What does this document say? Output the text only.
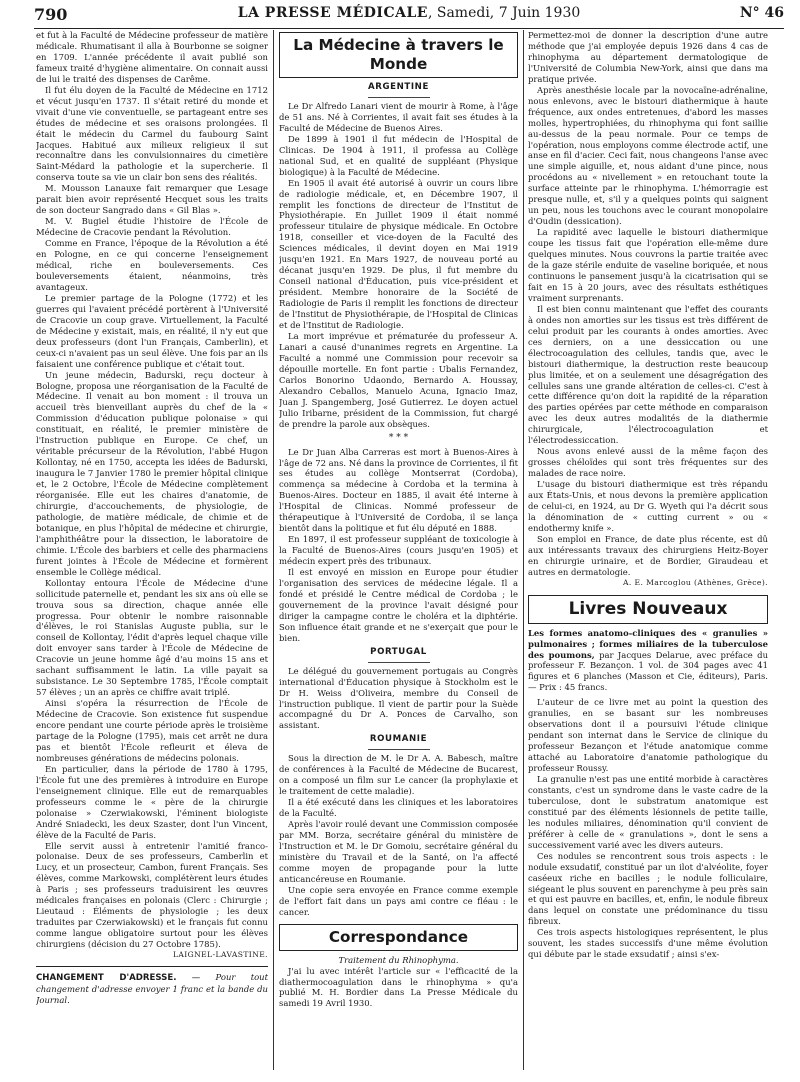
790	LA PRESSE MÉDICALE, Samedi, 7 Juin 1930	N° 46

et fut à la Faculté de Médecine professeur de matière médicale. Rhumatisant il alla à Bourbonne se soigner en 1709. L'année précédente il avait publié son fameux traité d'hygiène alimentaire. On connait aussi de lui le traité des dispenses de Carême.

Il fut élu doyen de la Faculté de Médecine en 1712 et vécut jusqu'en 1737. Il s'était retiré du monde et vivait d'une vie conventuelle, se partageant entre ses études de médecine et ses oraisons prolongées. Il était le médecin du Carmel du faubourg Saint Jacques. Habitué aux milieux religieux il sut reconnaître dans les convulsionnaires du cimetière Saint-Médard la pathologie et la supercherie. Il conserva toute sa vie un clair bon sens des réalités.

M. Mousson Lanauxe fait remarquer que Lesage parait bien avoir représenté Hecquet sous les traits de son docteur Sangrado dans « Gil Blas ».

M. V. Bugiel étudie l'histoire de l'École de Médecine de Cracovie pendant la Révolution.

Comme en France, l'époque de la Révolution a été en Pologne, en ce qui concerne l'enseignement médical, riche en bouleversements. Ces bouleversements étaient, néanmoins, très avantageux.

Le premier partage de la Pologne (1772) et les guerres qui l'avaient précédé portèrent à l'Université de Cracovie un coup grave. Virtuellement, la Faculté de Médecine y existait, mais, en réalité, il n'y eut que deux professeurs (dont l'un Français, Camberlin), et ceux-ci n'avaient pas un seul élève. Une fois par an ils faisaient une conférence publique et c'était tout.

Un jeune médecin, Badurski, reçu docteur à Bologne, proposa une réorganisation de la Faculté de Médecine. Il venait au bon moment : il trouva un accueil très bienveillant auprès du chef de la « Commission d'éducation publique polonaise » qui constituait, en réalité, le premier ministère de l'Instruction publique en Europe. Ce chef, un véritable précurseur de la Révolution, l'abbé Hugon Kollontay, né en 1750, accepta les idées de Badurski, inaugura le 7 Janvier 1780 le premier hôpital clinique et, le 2 Octobre, l'École de Médecine complètement réorganisée. Elle eut les chaires d'anatomie, de chirurgie, d'accouchements, de physiologie, de pathologie, de matière médicale, de chimie et de botanique, en plus l'hôpital de médecine et chirurgie, l'amphithéâtre pour la dissection, le laboratoire de chimie. L'École des barbiers et celle des pharmaciens furent jointes à l'École de Médecine et formèrent ensemble le Collège médical.

Kollontay entoura l'École de Médecine d'une sollicitude paternelle et, pendant les six ans où elle se trouva sous sa direction, chaque année elle progressa. Pour obtenir le nombre raisonnable d'élèves, le roi Stanislas Auguste publia, sur le conseil de Kollontay, l'édit d'après lequel chaque ville doit envoyer sans tarder à l'École de Médecine de Cracovie un jeune homme âgé d'au moins 15 ans et sachant suffisamment le latin. La ville payait sa subsistance. Le 30 Septembre 1785, l'École comptait 57 élèves ; un an après ce chiffre avait triplé.

Ainsi s'opéra la résurrection de l'École de Médecine de Cracovie. Son existence fut suspendue encore pendant une courte période après le troisième partage de la Pologne (1795), mais cet arrêt ne dura pas et bientôt l'École refleurit et éleva de nombreuses générations de médecins polonais.

En particulier, dans la période de 1780 à 1795, l'École fut une des premières à introduire en Europe l'enseignement clinique. Elle eut de remarquables professeurs comme le « père de la chirurgie polonaise » Czerwiakowski, l'éminent biologiste André Sniadecki, les deux Szaster, dont l'un Vincent, élève de la Faculté de Paris.

Elle servit aussi à entretenir l'amitié franco-polonaise. Deux de ses professeurs, Camberlin et Lucy, et un prosecteur, Cambon, furent Français. Ses élèves, comme Markowski, complétèrent leurs études à Paris ; ses professeurs traduisirent les œuvres médicales françaises en polonais (Clerc : Chirurgie ; Lieutaud : Éléments de physiologie ; les deux traduites par Czerwiakowski) et le français fut connu comme langue obligatoire surtout pour les élèves chirurgiens (décision du 27 Octobre 1785).

LAIGNEL-LAVASTINE.

CHANGEMENT D'ADRESSE. — Pour tout changement d'adresse envoyer 1 franc et la bande du Journal.

La Médecine à travers le Monde
ARGENTINE

Le Dr Alfredo Lanari vient de mourir à Rome, à l'âge de 51 ans. Né à Corrientes, il avait fait ses études à la Faculté de Médecine de Buenos Aires.

De 1899 à 1901 il fut médecin de l'Hospital de Clinicas. De 1904 à 1911, il professa au Collège national Sud, et en qualité de suppléant (Physique biologique) à la Faculté de Médecine.

En 1905 il avait été autorisé à ouvrir un cours libre de radiologie médicale, et, en Décembre 1907, il remplit les fonctions de directeur de l'Institut de Physiothérapie. En Juillet 1909 il était nommé professeur titulaire de physique médicale. En Octobre 1918, conseiller et vice-doyen de la Faculté des Sciences médicales, il devint doyen en Mai 1919 jusqu'en 1921. En Mars 1927, de nouveau porté au décanat jusqu'en 1929. De plus, il fut membre du Conseil national d'Éducation, puis vice-président et président. Membre honoraire de la Société de Radiologie de Paris il remplit les fonctions de directeur de l'Institut de Physiothérapie, de l'Hospital de Clinicas et de l'Institut de Radiologie.

La mort imprévue et prématurée du professeur A. Lanari a causé d'unanimes regrets en Argentine. La Faculté a nommé une Commission pour recevoir sa dépouille mortelle. En font partie : Ubalis Fernandez, Carlos Bonorino Udaondo, Bernardo A. Houssay, Alexandro Ceballos, Manuelo Acuna, Ignacio Imaz, Juan J. Spangemberg, José Gutierrez. Le doyen actuel Julio Iribarne, président de la Commission, fut chargé de prendre la parole aux obsèques.

* * *

Le Dr Juan Alba Carreras est mort à Buenos-Aires à l'âge de 72 ans. Né dans la province de Corrientes, il fit ses études au collège Montserrat (Cordoba), commença sa médecine à Cordoba et la termina à Buenos-Aires. Docteur en 1885, il avait été interne à l'Hospital de Clinicas. Nommé professeur de thérapeutique à l'Université de Cordoba, il se lança bientôt dans la politique et fut élu député en 1888.

En 1897, il est professeur suppléant de toxicologie à la Faculté de Buenos-Aires (cours jusqu'en 1905) et médecin expert près des tribunaux.

Il est envoyé en mission en Europe pour étudier l'organisation des services de médecine légale. Il a fondé et présidé le Centre médical de Cordoba ; le gouvernement de la province l'avait désigné pour diriger la campagne contre le choléra et la diphtérie. Son influence était grande et ne s'exerçait que pour le bien.

PORTUGAL

Le délégué du gouvernement portugais au Congrès international d'Éducation physique à Stockholm est le Dr H. Weiss d'Oliveira, membre du Conseil de l'instruction publique. Il vient de partir pour la Suède accompagné du Dr A. Ponces de Carvalho, son assistant.

ROUMANIE

Sous la direction de M. le Dr A. A. Babesch, maître de conférences à la Faculté de Médecine de Bucarest, on a composé un film sur Le cancer (la prophylaxie et le traitement de cette maladie).

Il a été exécuté dans les cliniques et les laboratoires de la Faculté.

Après l'avoir roulé devant une Commission composée par MM. Borza, secrétaire général du ministère de l'Instruction et M. le Dr Gomoiu, secrétaire général du ministère du Travail et de la Santé, on l'a affecté comme moyen de propagande pour la lutte anticancéreuse en Roumanie.

Une copie sera envoyée en France comme exemple de l'effort fait dans un pays ami contre ce fléau : le cancer.

Correspondance

Traitement du Rhinophyma.

J'ai lu avec intérêt l'article sur « l'efficacité de la diathermocoagulation dans le rhinophyma » qu'a publié M. H. Bordier dans La Presse Médicale du samedi 19 Avril 1930.

Permettez-moi de donner la description d'une autre méthode que j'ai employée depuis 1926 dans 4 cas de rhinophyma au département dermatologique de l'Université de Columbia New-York, ainsi que dans ma pratique privée.

Après anesthésie locale par la novocaïne-adrénaline, nous enlevons, avec le bistouri diathermique à haute fréquence, aux ondes entretenues, d'abord les masses molles, hypertrophiées, du rhinophyma qui font saillie au-dessus de la peau normale. Pour ce temps de l'opération, nous employons comme électrode actif, une anse en fil d'acier. Ceci fait, nous changeons l'anse avec une simple aiguille, et, nous aidant d'une pince, nous procédons au « nivellement » en retouchant toute la surface atteinte par le rhinophyma. L'hémorragie est presque nulle, et, s'il y a quelques points qui saignent un peu, nous les touchons avec le courant monopolaire d'Oudin (dessication).

La rapidité avec laquelle le bistouri diathermique coupe les tissus fait que l'opération elle-même dure quelques minutes. Nous couvrons la partie traitée avec de la gaze stérile enduite de vaseline boriquée, et nous continuons le pansement jusqu'à la cicatrisation qui se fait en 15 à 20 jours, avec des résultats esthétiques vraiment surprenants.

Il est bien connu maintenant que l'effet des courants à ondes non amorties sur les tissus est très différent de celui produit par les courants à ondes amorties. Avec ces derniers, on a une dessiccation ou une électrocoagulation des cellules, tandis que, avec le bistouri diathermique, la destruction reste beaucoup plus limitée, et on a seulement une désagrégation des cellules sans une grande altération de celles-ci. C'est à cette différence qu'on doit la rapidité de la réparation des parties opérées par cette méthode en comparaison avec les deux autres modalités de la diathermie chirurgicale, l'électrocoagulation et l'électrodessiccation.

Nous avons enlevé aussi de la même façon des grosses chéloïdes qui sont très fréquentes sur des malades de race noire.

L'usage du bistouri diathermique est très répandu aux États-Unis, et nous devons la première application de celui-ci, en 1924, au Dr G. Wyeth qui l'a décrit sous la dénomination de « cutting current » ou « endothermy knife ».

Son emploi en France, de date plus récente, est dû aux intéressants travaux des chirurgiens Heitz-Boyer en chirurgie urinaire, et de Bordier, Giraudeau et autres en dermatologie.

A. E. Marcoglou (Athènes, Grèce).

Livres Nouveaux

Les formes anatomo-cliniques des « granulies » pulmonaires ; formes miliaires de la tuberculose des poumons, par Jacques Delarue, avec préface du professeur F. Bezançon. 1 vol. de 304 pages avec 41 figures et 6 planches (Masson et Cie, éditeurs), Paris. — Prix : 45 francs.

L'auteur de ce livre met au point la question des granulies, en se basant sur les nombreuses observations dont il a poursuivi l'étude clinique pendant son internat dans le Service de clinique du professeur Bezançon et l'étude anatomique comme attaché au Laboratoire d'anatomie pathologique du professeur Roussy.

La granulie n'est pas une entité morbide à caractères constants, c'est un syndrome dans le vaste cadre de la tuberculose, dont le substratum anatomique est constitué par des éléments lésionnels de petite taille, les nodules miliaires, dénomination qu'il convient de préférer à celle de « granulations », dont le sens a successivement varié avec les divers auteurs.

Ces nodules se rencontrent sous trois aspects : le nodule exsudatif, constitué par un ilot d'alvéolite, foyer caséeux riche en bacilles ; le nodule folliculaire, siégeant le plus souvent en parenchyme à peu près sain et qui est pauvre en bacilles, et, enfin, le nodule fibreux dans lequel on constate une prédominance du tissu fibreux.

Ces trois aspects histologiques représentent, le plus souvent, les stades successifs d'une même évolution qui débute par le stade exsudatif ; ainsi s'ex-
